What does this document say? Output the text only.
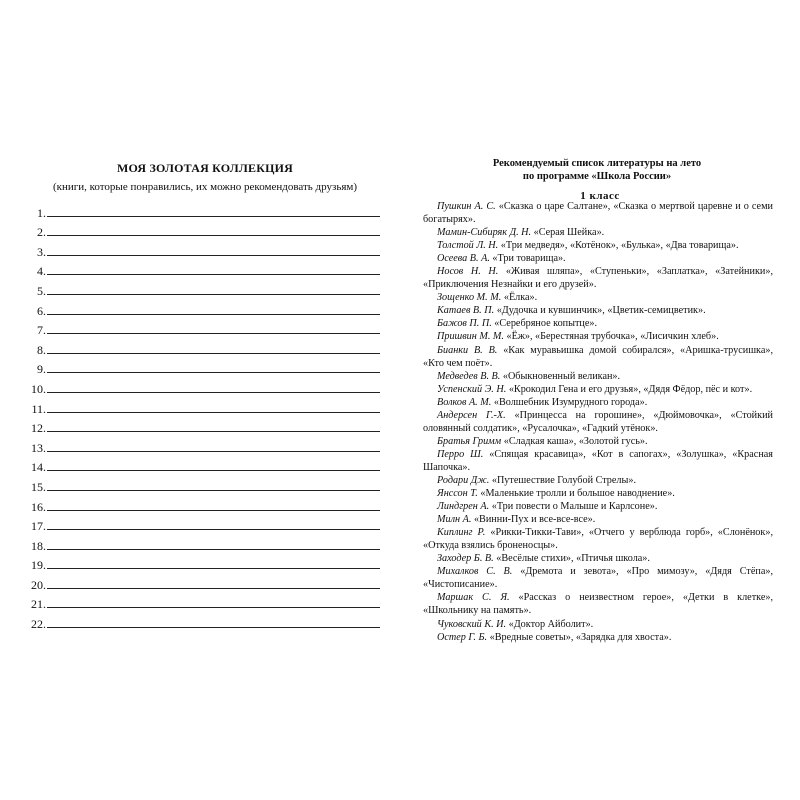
МОЯ ЗОЛОТАЯ КОЛЛЕКЦИЯ
(книги, которые понравились, их можно рекомендовать друзьям)
1.
2.
3.
4.
5.
6.
7.
8.
9.
10.
11.
12.
13.
14.
15.
16.
17.
18.
19.
20.
21.
22.
Рекомендуемый список литературы на лето
по программе «Школа России»
1 класс

Пушкин А. С. «Сказка о царе Салтане», «Сказка о мертвой царевне и о семи богатырях».

Мамин-Сибиряк Д. Н. «Серая Шейка».

Толстой Л. Н. «Три медведя», «Котёнок», «Булька», «Два товарища».

Осеева В. А. «Три товарища».

Носов Н. Н. «Живая шляпа», «Ступеньки», «Заплатка», «Затейники», «Приключения Незнайки и его друзей».

Зощенко М. М. «Ёлка».

Катаев В. П. «Дудочка и кувшинчик», «Цветик-семицветик».

Бажов П. П. «Серебряное копытце».

Пришвин М. М. «Ёж», «Берестяная трубочка», «Лисичкин хлеб».

Бианки В. В. «Как муравьишка домой собирался», «Аришка-трусишка», «Кто чем поёт».

Медведев В. В. «Обыкновенный великан».

Успенский Э. Н. «Крокодил Гена и его друзья», «Дядя Фёдор, пёс и кот».

Волков А. М. «Волшебник Изумрудного города».

Андерсен Г.-Х. «Принцесса на горошине», «Дюймовочка», «Стойкий оловянный солдатик», «Русалочка», «Гадкий утёнок».

Братья Гримм «Сладкая каша», «Золотой гусь».

Перро Ш. «Спящая красавица», «Кот в сапогах», «Золушка», «Красная Шапочка».

Родари Дж. «Путешествие Голубой Стрелы».

Янссон Т. «Маленькие тролли и большое наводнение».

Линдгрен А. «Три повести о Малыше и Карлсоне».

Милн А. «Винни-Пух и все-все-все».

Киплинг Р. «Рикки-Тикки-Тави», «Отчего у верблюда горб», «Слонёнок», «Откуда взялись броненосцы».

Заходер Б. В. «Весёлые стихи», «Птичья школа».

Михалков С. В. «Дремота и зевота», «Про мимозу», «Дядя Стёпа», «Чистописание».

Маршак С. Я. «Рассказ о неизвестном герое», «Детки в клетке», «Школьнику на память».

Чуковский К. И. «Доктор Айболит».

Остер Г. Б. «Вредные советы», «Зарядка для хвоста».
